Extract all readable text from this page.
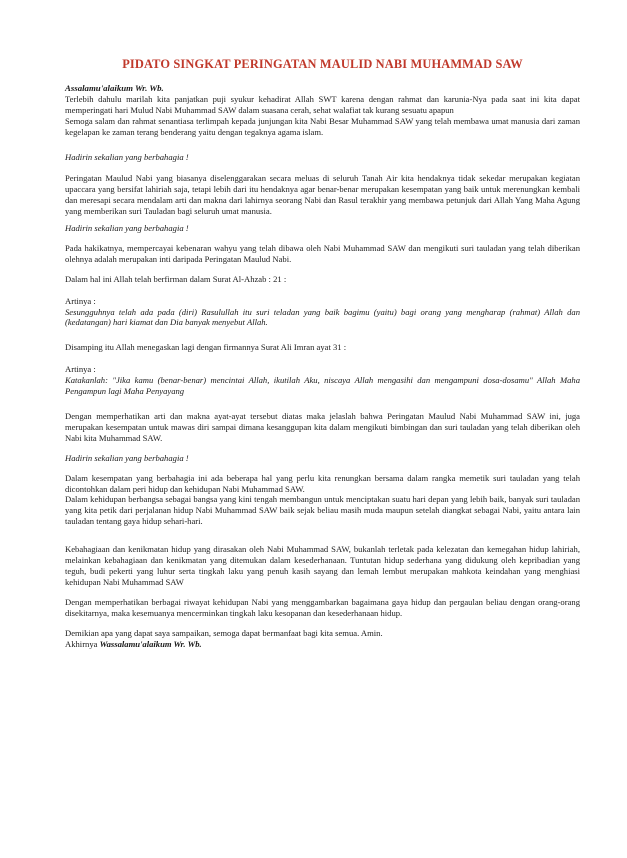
PIDATO SINGKAT PERINGATAN MAULID NABI MUHAMMAD SAW

Assalamu'alaikum Wr. Wb.

Terlebih dahulu marilah kita panjatkan puji syukur kehadirat Allah SWT karena dengan rahmat dan karunia-Nya pada saat ini kita dapat memperingati hari Mulud Nabi Muhammad SAW dalam suasana cerah, sehat walafiat tak kurang sesuatu apapun

Semoga salam dan rahmat senantiasa terlimpah kepada junjungan kita Nabi Besar Muhammad SAW yang telah membawa umat manusia dari zaman kegelapan ke zaman terang benderang yaitu dengan tegaknya agama islam.

Hadirin sekalian yang berbahagia !

Peringatan Maulud Nabi yang biasanya diselenggarakan secara meluas di seluruh Tanah Air kita hendaknya tidak sekedar merupakan kegiatan upaccara yang bersifat lahiriah saja, tetapi lebih dari itu hendaknya agar benar-benar merupakan kesempatan yang baik untuk merenungkan kembali dan meresapi secara mendalam arti dan makna dari lahirnya seorang Nabi dan Rasul terakhir yang membawa petunjuk dari Allah Yang Maha Agung yang memberikan suri Tauladan bagi seluruh umat manusia.

Hadirin sekalian yang berbahagia !

Pada hakikatnya, mempercayai kebenaran wahyu yang telah dibawa oleh Nabi Muhammad SAW dan mengikuti suri tauladan yang telah diberikan olehnya adalah merupakan inti daripada Peringatan Maulud Nabi.

Dalam hal ini Allah telah berfirman dalam Surat Al-Ahzab : 21 :

Artinya :

Sesungguhnya telah ada pada (diri) Rasulullah itu suri teladan yang baik bagimu (yaitu) bagi orang yang mengharap (rahmat) Allah dan (kedatangan) hari kiamat dan Dia banyak menyebut Allah.

Disamping itu Allah menegaskan lagi dengan firmannya Surat Ali Imran ayat 31 :

Artinya :

Katakanlah: "Jika kamu (benar-benar) mencintai Allah, ikutilah Aku, niscaya Allah mengasihi dan mengampuni dosa-dosamu" Allah Maha Pengampun lagi Maha Penyayang

Dengan memperhatikan arti dan makna ayat-ayat tersebut diatas maka jelaslah bahwa Peringatan Maulud Nabi Muhammad SAW ini, juga merupakan kesempatan untuk mawas diri sampai dimana kesanggupan kita dalam mengikuti bimbingan dan suri tauladan yang telah diberikan oleh Nabi kita Muhammad SAW.

Hadirin sekalian yang berbahagia !

Dalam kesempatan yang berbahagia ini ada beberapa hal yang perlu kita renungkan bersama dalam rangka memetik suri tauladan yang telah dicontohkan dalam peri hidup dan kehidupan Nabi Muhammad SAW.

Dalam kehidupan berbangsa sebagai bangsa yang kini tengah membangun untuk menciptakan suatu hari depan yang lebih baik, banyak suri tauladan yang kita petik dari perjalanan hidup Nabi Muhammad SAW baik sejak beliau masih muda maupun setelah diangkat sebagai Nabi, yaitu antara lain tauladan tentang gaya hidup sehari-hari.

Kebahagiaan dan kenikmatan hidup yang dirasakan oleh Nabi Muhammad SAW, bukanlah terletak pada kelezatan dan kemegahan hidup lahiriah, melainkan kebahagiaan dan kenikmatan yang ditemukan dalam kesederhanaan. Tuntutan hidup sederhana yang didukung oleh kepribadian yang teguh, budi pekerti yang luhur serta tingkah laku yang penuh kasih sayang dan lemah lembut merupakan mahkota keindahan yang menghiasi kehidupan Nabi Muhammad SAW

Dengan memperhatikan berbagai riwayat kehidupan Nabi yang menggambarkan bagaimana gaya hidup dan pergaulan beliau dengan orang-orang disekitarnya, maka kesemuanya mencerminkan tingkah laku kesopanan dan kesederhanaan hidup.

Demikian apa yang dapat saya sampaikan, semoga dapat bermanfaat bagi kita semua. Amin.

Akhirnya Wassalamu'alaikum Wr. Wb.
